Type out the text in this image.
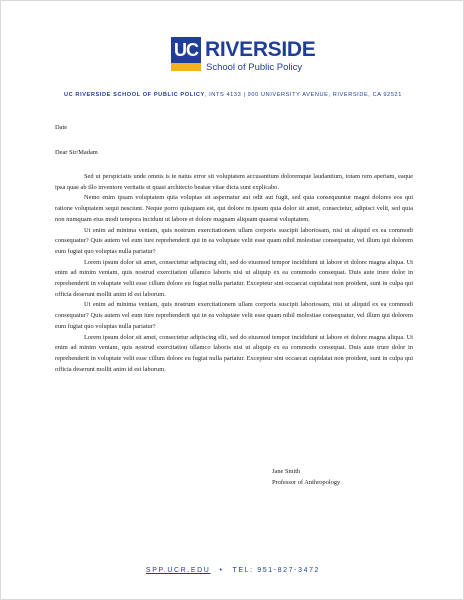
UC RIVERSIDE
School of Public Policy
UC RIVERSIDE SCHOOL OF PUBLIC POLICY, INTS 4133 | 900 UNIVERSITY AVENUE, RIVERSIDE, CA 92521
Date
Dear Sir/Madam

Sed ut perspiciatis unde omnis is te natus error sit voluptatem accusantium doloremque laudantium, totam rem aperiam, eaque ipsa quae ab illo inventore veritatis et quasi architecto beatae vitae dicta sunt explicabo.

Nemo enim ipsam voluptatem quia voluptas sit aspernatur aut odit aut fugit, sed quia consequuntur magni dolores eos qui ratione voluptatem sequi nesciunt. Neque porro quisquam est, qui dolore m ipsum quia dolor sit amet, consectetur, adipisci velit, sed quia non numquam eius modi tempora incidunt ut labore et dolore magnam aliquam quaerat voluptatem.

Ut enim ad minima veniam, quis nostrum exercitationem ullam corporis suscipit laboriosam, nisi ut aliquid ex ea commodi consequatur? Quis autem vel eum iure reprehenderit qui in ea voluptate velit esse quam nihil molestiae consequatur, vel illum qui dolorem eum fugiat quo voluptas nulla pariatur?

Lorem ipsum dolor sit amet, consectetur adipiscing elit, sed do eiusmod tempor incididunt ut labore et dolore magna aliqua. Ut enim ad minim veniam, quis nostrud exercitation ullamco laboris nisi ut aliquip ex ea commodo consequat. Duis aute irure dolor in reprehenderit in voluptate velit esse cillum dolore eu fugiat nulla pariatur. Excepteur sint occaecat cupidatat non proident, sunt in culpa qui officia deserunt mollit anim id est laborum.

Ut enim ad minima veniam, quis nostrum exercitationem ullam corporis suscipit laboriosam, nisi ut aliquid ex ea commodi consequatur? Quis autem vel eum iure reprehenderit qui in ea voluptate velit esse quam nihil molestiae consequatur, vel illum qui dolorem eum fugiat quo voluptas nulla pariatur?

Lorem ipsum dolor sit amet, consectetur adipiscing elit, sed do eiusmod tempor incididunt ut labore et dolore magna aliqua. Ut enim ad minim veniam, quis nostrud exercitation ullamco laboris nisi ut aliquip ex ea commodo consequat. Duis aute irure dolor in reprehenderit in voluptate velit esse cillum dolore eu fugiat nulla pariatur. Excepteur sint occaecat cupidatat non proident, sunt in culpa qui officia deserunt mollit anim id est laborum.

Jane Smith
Professor of Anthropology
SPP.UCR.EDU • TEL: 951-827-3472
